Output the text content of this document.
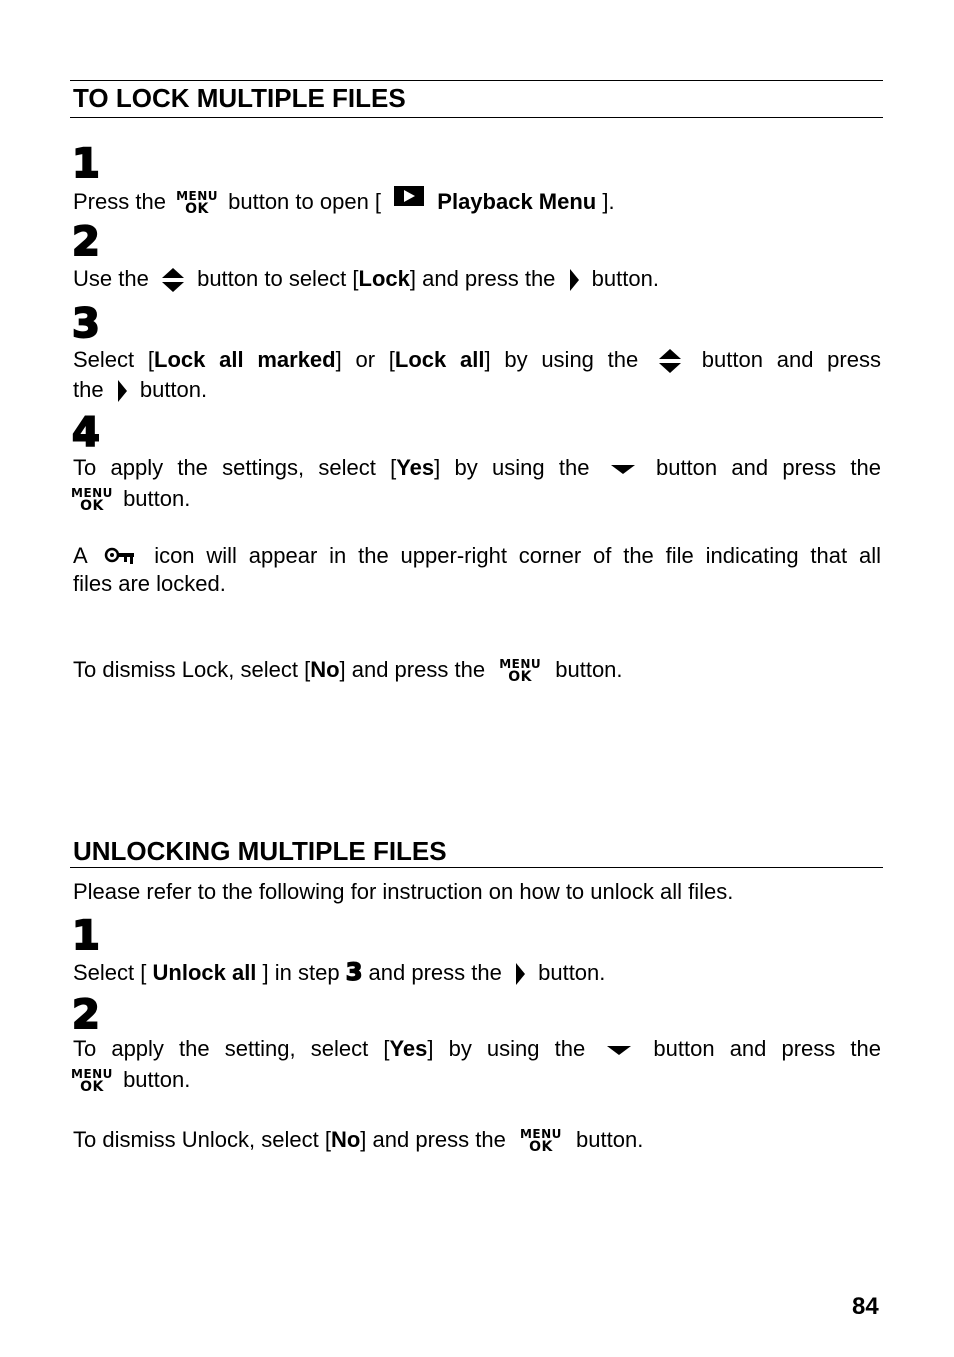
TO LOCK MULTIPLE FILES
1
Press the MENU
OK button to open [	Playback Menu ].
2
Use the button to select [Lock] and press the button.
3
Select [Lock all marked] or [Lock all] by using the	button and press
the button.
4
To apply the settings, select [Yes] by using the	button and press the
MENU
OK button.
A	icon will appear in the upper-right corner of the file indicating that all
files are locked.
To dismiss Lock, select [No] and press the MENU
OK	button.
UNLOCKING MULTIPLE FILES
Please refer to the following for instruction on how to unlock all files.
1
Select [ Unlock all ] in step 3 and press the button.
2
To apply the setting, select [Yes] by using the	button and press the
MENU
OK button.
To dismiss Unlock, select [No] and press the MENU
OK	button.
84
